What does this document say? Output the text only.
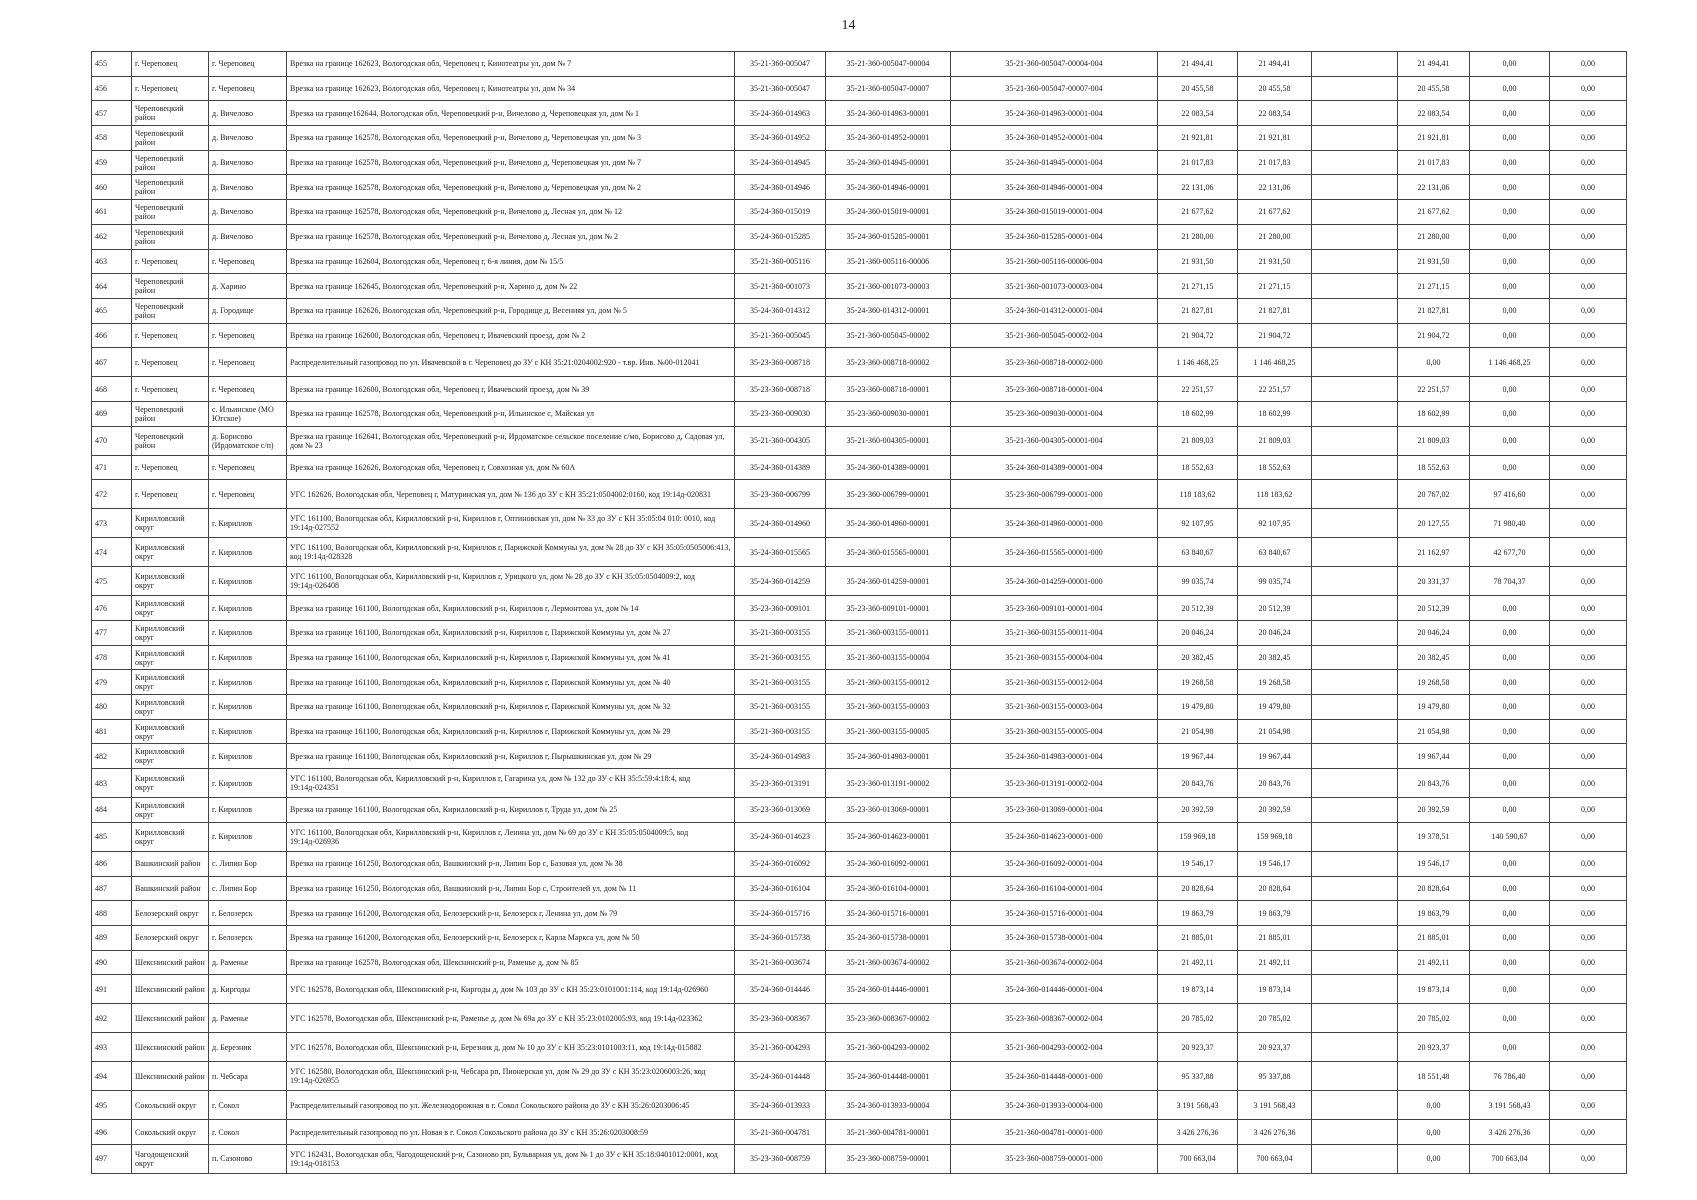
14
455	г. Череповец	г. Череповец	Врезка на границе 162623, Вологодская обл, Череповец г, Кинотеатры ул, дом № 7	35-21-360-005047	35-21-360-005047-00004	35-21-360-005047-00004-004	21 494,41	21 494,41		21 494,41	0,00	0,00
456	г. Череповец	г. Череповец	Врезка на границе 162623, Вологодская обл, Череповец г, Кинотеатры ул, дом № 34	35-21-360-005047	35-21-360-005047-00007	35-21-360-005047-00007-004	20 455,58	20 455,58		20 455,58	0,00	0,00
457	Череповецкий район	д. Вичелово	Врезка на границе162644, Вологодская обл, Череповецкий р-н, Вичелово д, Череповецкая ул, дом № 1	35-24-360-014963	35-24-360-014963-00001	35-24-360-014963-00001-004	22 083,54	22 083,54		22 083,54	0,00	0,00
458	Череповецкий район	д. Вичелово	Врезка на границе 162578, Вологодская обл, Череповецкий р-н, Вичелово д, Череповецкая ул, дом № 3	35-24-360-014952	35-24-360-014952-00001	35-24-360-014952-00001-004	21 921,81	21 921,81		21 921,81	0,00	0,00
459	Череповецкий район	д. Вичелово	Врезка на границе 162578, Вологодская обл, Череповецкий р-н, Вичелово д, Череповецкая ул, дом № 7	35-24-360-014945	35-24-360-014945-00001	35-24-360-014945-00001-004	21 017,83	21 017,83		21 017,83	0,00	0,00
460	Череповецкий район	д. Вичелово	Врезка на границе 162578, Вологодская обл, Череповецкий р-н, Вичелово д, Череповецкая ул, дом № 2	35-24-360-014946	35-24-360-014946-00001	35-24-360-014946-00001-004	22 131,06	22 131,06		22 131,06	0,00	0,00
461	Череповецкий район	д. Вичелово	Врезка на границе 162578, Вологодская обл, Череповецкий р-н, Вичелово д, Лесная ул, дом № 12	35-24-360-015019	35-24-360-015019-00001	35-24-360-015019-00001-004	21 677,62	21 677,62		21 677,62	0,00	0,00
462	Череповецкий район	д. Вичелово	Врезка на границе 162578, Вологодская обл, Череповецкий р-н, Вичелово д, Лесная ул, дом № 2	35-24-360-015285	35-24-360-015285-00001	35-24-360-015285-00001-004	21 280,00	21 280,00		21 280,00	0,00	0,00
463	г. Череповец	г. Череповец	Врезка на границе 162604, Вологодская обл, Череповец г, 6-я линия, дом № 15/5	35-21-360-005116	35-21-360-005116-00006	35-21-360-005116-00006-004	21 931,50	21 931,50		21 931,50	0,00	0,00
464	Череповецкий район	д. Харино	Врезка на границе 162645, Вологодская обл, Череповецкий р-н, Харино д, дом № 22	35-21-360-001073	35-21-360-001073-00003	35-21-360-001073-00003-004	21 271,15	21 271,15		21 271,15	0,00	0,00
465	Череповецкий район	д. Городище	Врезка на границе 162626, Вологодская обл, Череповецкий р-н, Городище д, Весенняя ул, дом № 5	35-24-360-014312	35-24-360-014312-00001	35-24-360-014312-00001-004	21 827,81	21 827,81		21 827,81	0,00	0,00
466	г. Череповец	г. Череповец	Врезка на границе 162600, Вологодская обл, Череповец г, Ивачевский проезд, дом № 2	35-21-360-005045	35-21-360-005045-00002	35-21-360-005045-00002-004	21 904,72	21 904,72		21 904,72	0,00	0,00
467	г. Череповец	г. Череповец	Распределительный газопровод по ул. Ивачевской в г. Череповец до ЗУ с КН 35:21:0204002:920 - т.вр. Инв. №00-012041	35-23-360-008718	35-23-360-008718-00002	35-23-360-008718-00002-000	1 146 468,25	1 146 468,25		0,00	1 146 468,25	0,00
468	г. Череповец	г. Череповец	Врезка на границе 162600, Вологодская обл, Череповец г, Ивачевский проезд, дом № 39	35-23-360-008718	35-23-360-008718-00001	35-23-360-008718-00001-004	22 251,57	22 251,57		22 251,57	0,00	0,00
469	Череповецкий район	с. Ильинское (МО Югское)	Врезка на границе 162578, Вологодская обл, Череповецкий р-н, Ильинское с, Майская ул	35-23-360-009030	35-23-360-009030-00001	35-23-360-009030-00001-004	18 602,99	18 602,99		18 602,99	0,00	0,00
470	Череповецкий район	д. Борисово (Ирдоматское с/п)	Врезка на границе 162641, Вологодская обл, Череповецкий р-н, Ирдоматское сельское поселение с/мо, Борисово д, Садовая ул, дом № 23	35-21-360-004305	35-21-360-004305-00001	35-21-360-004305-00001-004	21 809,03	21 809,03		21 809,03	0,00	0,00
471	г. Череповец	г. Череповец	Врезка на границе 162626, Вологодская обл, Череповец г, Совхозная ул, дом № 60А	35-24-360-014389	35-24-360-014389-00001	35-24-360-014389-00001-004	18 552,63	18 552,63		18 552,63	0,00	0,00
472	г. Череповец	г. Череповец	УГС 162626, Вологодская обл, Череповец г, Матуринская ул, дом № 136 до ЗУ с КН 35:21:0504002:0160, код 19:14д-020831	35-23-360-006799	35-23-360-006799-00001	35-23-360-006799-00001-000	118 183,62	118 183,62		20 767,02	97 416,60	0,00
473	Кирилловский округ	г. Кириллов	УГС 161100, Вологодская обл, Кирилловский р-н, Кириллов г, Оптиновская ул, дом № 33 до ЗУ с КН 35:05:04 010: 0010, код 19:14д-027552	35-24-360-014960	35-24-360-014960-00001	35-24-360-014960-00001-000	92 107,95	92 107,95		20 127,55	71 980,40	0,00
474	Кирилловский округ	г. Кириллов	УГС 161100, Вологодская обл, Кирилловский р-н, Кириллов г, Парижской Коммуны ул, дом № 28 до ЗУ с КН 35:05:0505006:413, код 19:14д-028328	35-24-360-015565	35-24-360-015565-00001	35-24-360-015565-00001-000	63 840,67	63 840,67		21 162,97	42 677,70	0,00
475	Кирилловский округ	г. Кириллов	УГС 161100, Вологодская обл, Кирилловский р-н, Кириллов г, Урицкого ул, дом № 28 до ЗУ с КН 35:05:0504009:2, код 19:14д-026408	35-24-360-014259	35-24-360-014259-00001	35-24-360-014259-00001-000	99 035,74	99 035,74		20 331,37	78 704,37	0,00
476	Кирилловский округ	г. Кириллов	Врезка на границе 161100, Вологодская обл, Кирилловский р-н, Кириллов г, Лермонтова ул, дом № 14	35-23-360-009101	35-23-360-009101-00001	35-23-360-009101-00001-004	20 512,39	20 512,39		20 512,39	0,00	0,00
477	Кирилловский округ	г. Кириллов	Врезка на границе 161100, Вологодская обл, Кирилловский р-н, Кириллов г, Парижской Коммуны ул, дом № 27	35-21-360-003155	35-21-360-003155-00011	35-21-360-003155-00011-004	20 046,24	20 046,24		20 046,24	0,00	0,00
478	Кирилловский округ	г. Кириллов	Врезка на границе 161100, Вологодская обл, Кирилловский р-н, Кириллов г, Парижской Коммуны ул, дом № 41	35-21-360-003155	35-21-360-003155-00004	35-21-360-003155-00004-004	20 382,45	20 382,45		20 382,45	0,00	0,00
479	Кирилловский округ	г. Кириллов	Врезка на границе 161100, Вологодская обл, Кирилловский р-н, Кириллов г, Парижской Коммуны ул, дом № 40	35-21-360-003155	35-21-360-003155-00012	35-21-360-003155-00012-004	19 268,58	19 268,58		19 268,58	0,00	0,00
480	Кирилловский округ	г. Кириллов	Врезка на границе 161100, Вологодская обл, Кирилловский р-н, Кириллов г, Парижской Коммуны ул, дом № 32	35-21-360-003155	35-21-360-003155-00003	35-21-360-003155-00003-004	19 479,80	19 479,80		19 479,80	0,00	0,00
481	Кирилловский округ	г. Кириллов	Врезка на границе 161100, Вологодская обл, Кирилловский р-н, Кириллов г, Парижской Коммуны ул, дом № 29	35-21-360-003155	35-21-360-003155-00005	35-21-360-003155-00005-004	21 054,98	21 054,98		21 054,98	0,00	0,00
482	Кирилловский округ	г. Кириллов	Врезка на границе 161100, Вологодская обл, Кирилловский р-н, Кириллов г, Пырышкинская ул, дом № 29	35-24-360-014983	35-24-360-014983-00001	35-24-360-014983-00001-004	19 967,44	19 967,44		19 967,44	0,00	0,00
483	Кирилловский округ	г. Кириллов	УГС 161100, Вологодская обл, Кирилловский р-н, Кириллов г, Гагарина ул, дом № 132 до ЗУ с КН 35:5:59:4:18:4, код 19:14д-024351	35-23-360-013191	35-23-360-013191-00002	35-23-360-013191-00002-004	20 843,76	20 843,76		20 843,76	0,00	0,00
484	Кирилловский округ	г. Кириллов	Врезка на границе 161100, Вологодская обл, Кирилловский р-н, Кириллов г, Труда ул, дом № 25	35-23-360-013069	35-23-360-013069-00001	35-23-360-013069-00001-004	20 392,59	20 392,59		20 392,59	0,00	0,00
485	Кирилловский округ	г. Кириллов	УГС 161100, Вологодская обл, Кирилловский р-н, Кириллов г, Ленина ул, дом № 69 до ЗУ с КН 35:05:0504009:5, код 19:14д-026936	35-24-360-014623	35-24-360-014623-00001	35-24-360-014623-00001-000	159 969,18	159 969,18		19 378,51	140 590,67	0,00
486	Вашкинский район	с. Липин Бор	Врезка на границе 161250, Вологодская обл, Вашкинский р-н, Липин Бор с, Базовая ул, дом № 38	35-24-360-016092	35-24-360-016092-00001	35-24-360-016092-00001-004	19 546,17	19 546,17		19 546,17	0,00	0,00
487	Вашкинский район	с. Липин Бор	Врезка на границе 161250, Вологодская обл, Вашкинский р-н, Липин Бор с, Строителей ул, дом № 11	35-24-360-016104	35-24-360-016104-00001	35-24-360-016104-00001-004	20 828,64	20 828,64		20 828,64	0,00	0,00
488	Белозерский округ	г. Белозерск	Врезка на границе 161200, Вологодская обл, Белозерский р-н, Белозерск г, Ленина ул, дом № 79	35-24-360-015716	35-24-360-015716-00001	35-24-360-015716-00001-004	19 863,79	19 863,79		19 863,79	0,00	0,00
489	Белозерский округ	г. Белозерск	Врезка на границе 161200, Вологодская обл, Белозерский р-н, Белозерск г, Карла Маркса ул, дом № 50	35-24-360-015738	35-24-360-015738-00001	35-24-360-015738-00001-004	21 885,01	21 885,01		21 885,01	0,00	0,00
490	Шекснинский район	д. Раменье	Врезка на границе 162578, Вологодская обл, Шекснинский р-н, Раменье д, дом № 85	35-21-360-003674	35-21-360-003674-00002	35-21-360-003674-00002-004	21 492,11	21 492,11		21 492,11	0,00	0,00
491	Шекснинский район	д. Киргоды	УГС 162578, Вологодская обл, Шекснинский р-н, Киргоды д, дом № 103 до ЗУ с КН 35:23:0101001:114, код 19:14д-026960	35-24-360-014446	35-24-360-014446-00001	35-24-360-014446-00001-004	19 873,14	19 873,14		19 873,14	0,00	0,00
492	Шекснинский район	д. Раменье	УГС 162578, Вологодская обл, Шекснинский р-н, Раменье д, дом № 69а до ЗУ с КН 35:23:0102005:93, код 19:14д-023362	35-23-360-008367	35-23-360-008367-00002	35-23-360-008367-00002-004	20 785,02	20 785,02		20 785,02	0,00	0,00
493	Шекснинский район	д. Березник	УГС 162578, Вологодская обл, Шекснинский р-н, Березник д, дом № 10 до ЗУ с КН 35:23:0101003:11, код 19:14д-015882	35-21-360-004293	35-21-360-004293-00002	35-21-360-004293-00002-004	20 923,37	20 923,37		20 923,37	0,00	0,00
494	Шекснинский район	п. Чебсара	УГС 162580, Вологодская обл, Шекснинский р-н, Чебсара рп, Пионерская ул, дом № 29 до ЗУ с КН 35:23:0206003:26, код 19:14д-026955	35-24-360-014448	35-24-360-014448-00001	35-24-360-014448-00001-000	95 337,88	95 337,88		18 551,48	76 786,40	0,00
495	Сокольский округ	г. Сокол	Распределительный газопровод по ул. Железнодорожная в г. Сокол Сокольского района до ЗУ с КН 35:26:0203006:45	35-24-360-013933	35-24-360-013933-00004	35-24-360-013933-00004-000	3 191 568,43	3 191 568,43		0,00	3 191 568,43	0,00
496	Сокольский округ	г. Сокол	Распределительный газопровод по ул. Новая в г. Сокол Сокольского района до ЗУ с КН 35:26:0203008:59	35-21-360-004781	35-21-360-004781-00001	35-21-360-004781-00001-000	3 426 276,36	3 426 276,36		0,00	3 426 276,36	0,00
497	Чагодощенский округ	п. Сазоново	УГС 162431, Вологодская обл, Чагодощенский р-н, Сазоново рп, Бульварная ул, дом № 1 до ЗУ с КН 35:18:0401012:0001, код 19:14д-018153	35-23-360-008759	35-23-360-008759-00001	35-23-360-008759-00001-000	700 663,04	700 663,04		0,00	700 663,04	0,00
